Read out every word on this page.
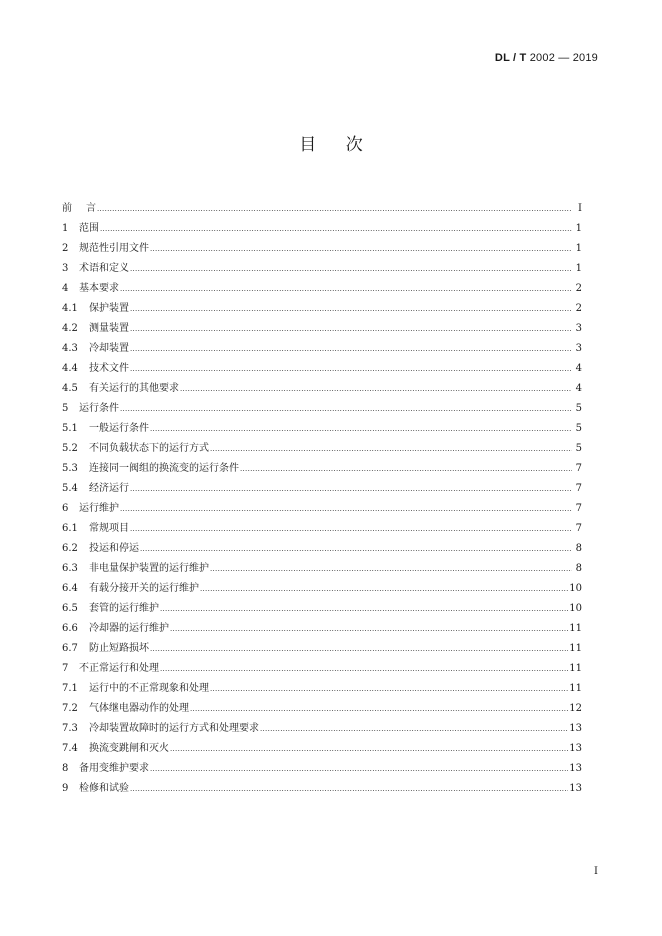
DL / T 2002 — 2019
目 次
前	言 .....	I
1	范围 .....	1
2	规范性引用文件 .....	1
3	术语和定义 .....	1
4	基本要求 .....	2
4.1	保护装置 .....	2
4.2	测量装置 .....	3
4.3	冷却装置 .....	3
4.4	技术文件 .....	4
4.5	有关运行的其他要求 .....	4
5	运行条件 .....	5
5.1	一般运行条件 .....	5
5.2	不同负载状态下的运行方式 .....	5
5.3	连接同一阀组的换流变的运行条件 .....	7
5.4	经济运行 .....	7
6	运行维护 .....	7
6.1	常规项目 .....	7
6.2	投运和停运 .....	8
6.3	非电量保护装置的运行维护 .....	8
6.4	有载分接开关的运行维护 .....	10
6.5	套管的运行维护 .....	10
6.6	冷却器的运行维护 .....	11
6.7	防止短路损坏 .....	11
7	不正常运行和处理 .....	11
7.1	运行中的不正常现象和处理 .....	11
7.2	气体继电器动作的处理 .....	12
7.3	冷却装置故障时的运行方式和处理要求 .....	13
7.4	换流变跳闸和灭火 .....	13
8	备用变维护要求 .....	13
9	检修和试验 .....	13
I
